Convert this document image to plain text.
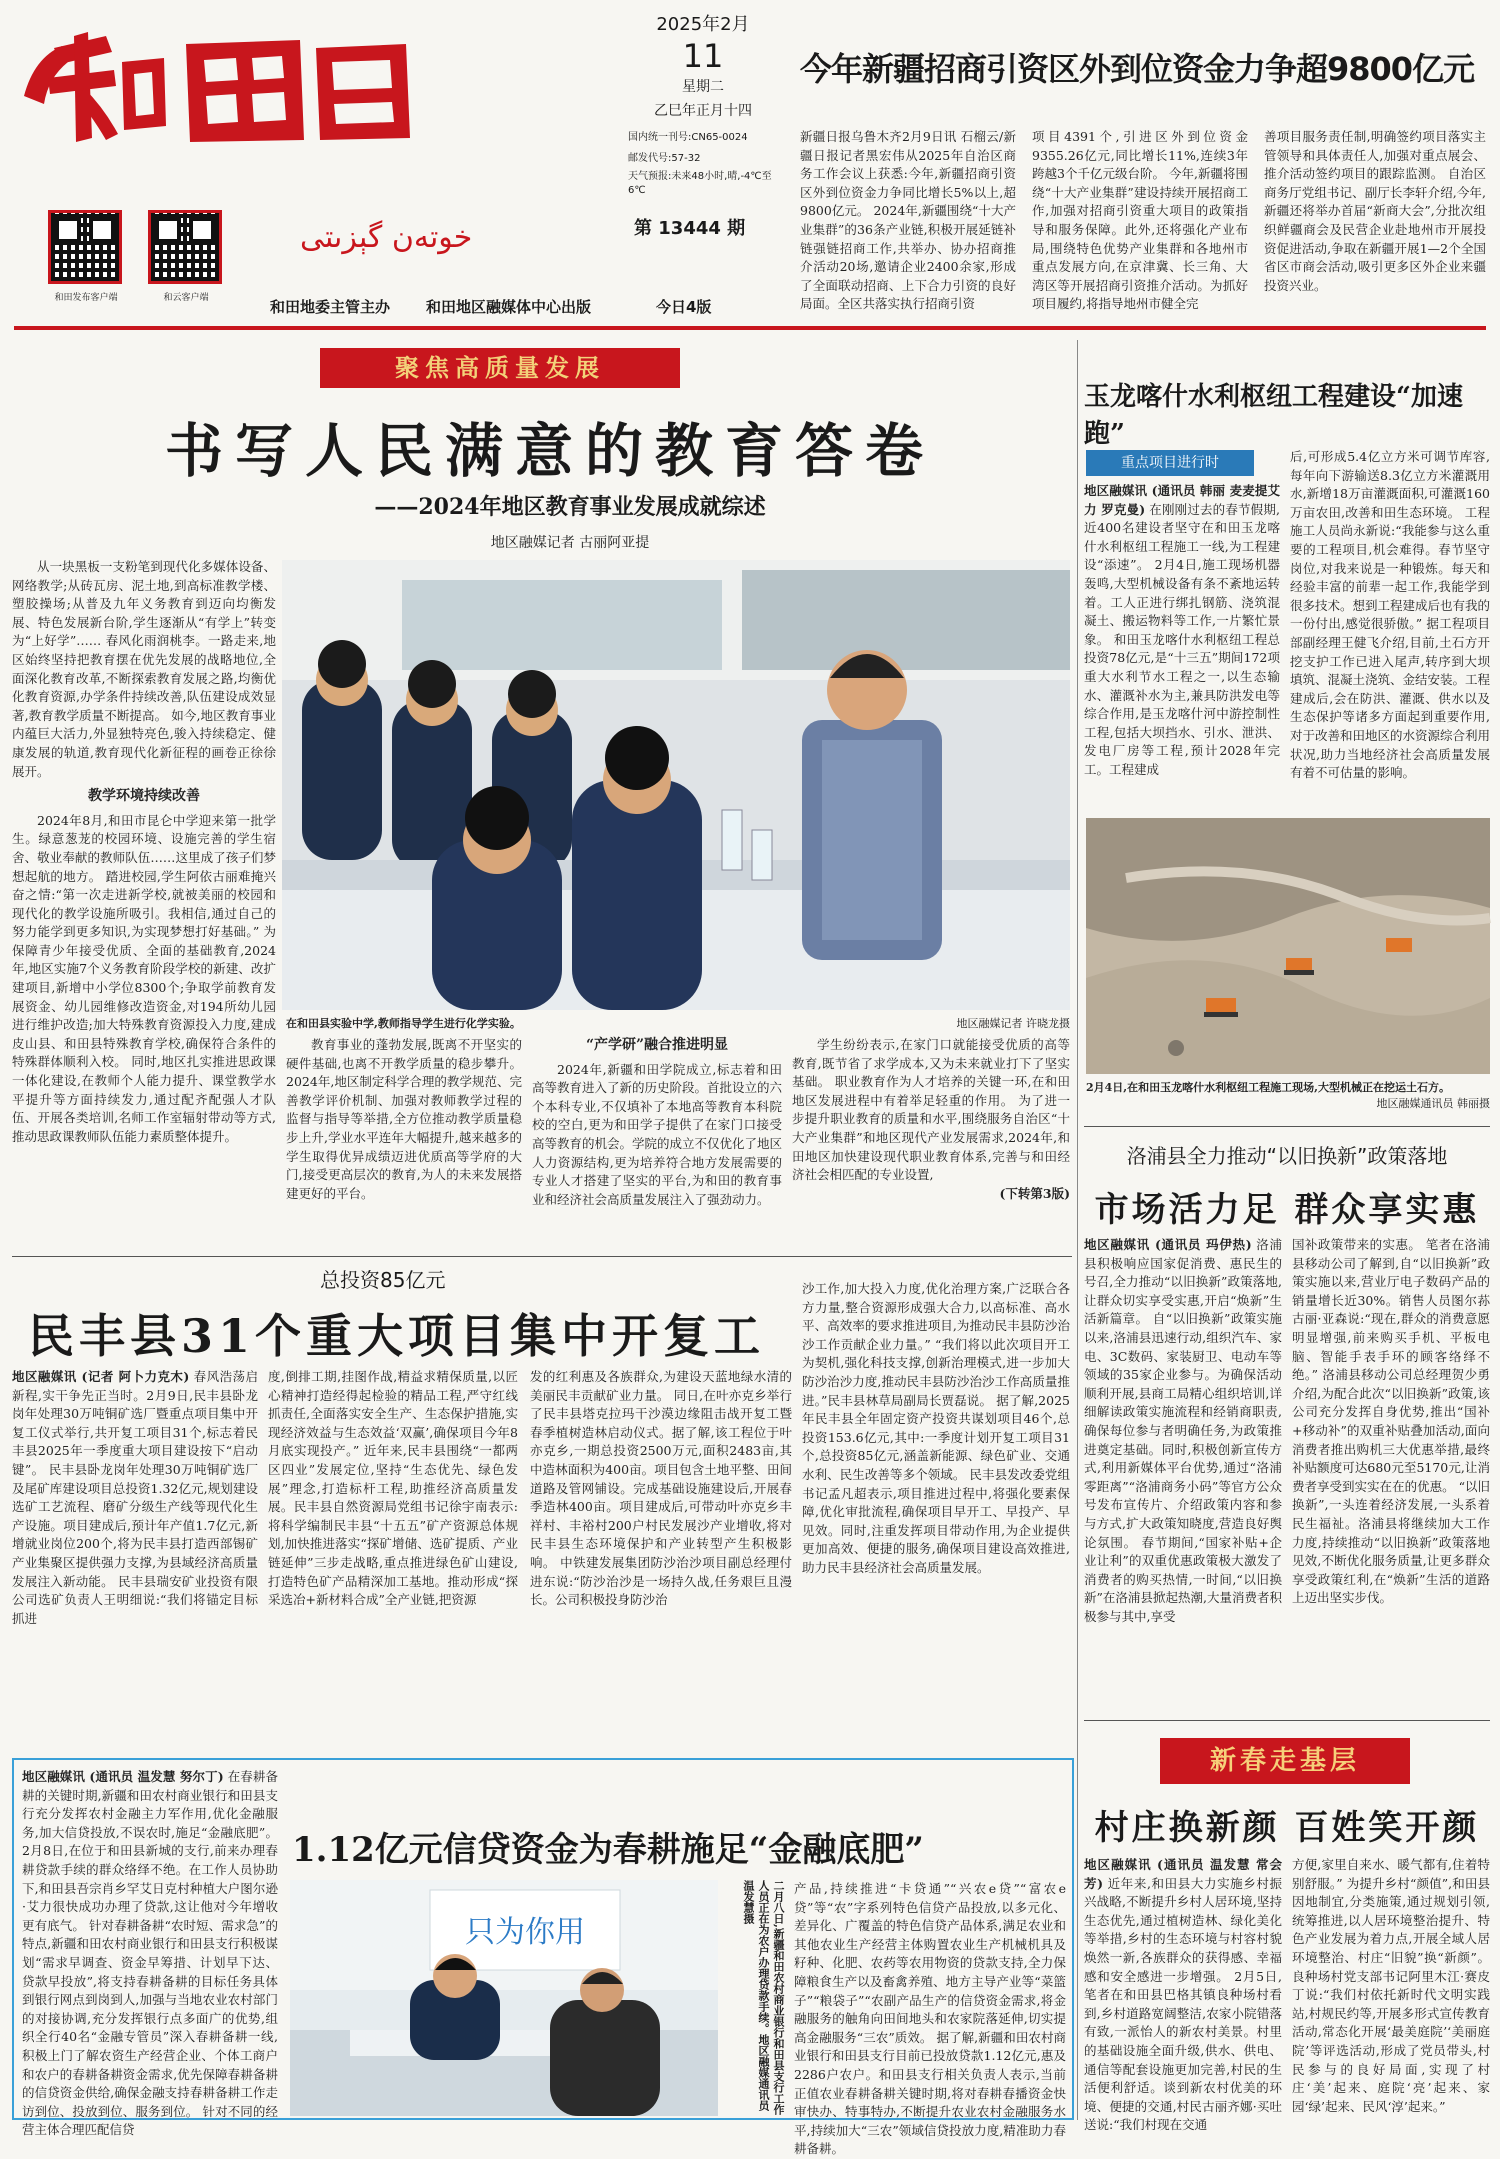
和田发布客户端	和云客户端
خوتەن گېزىتى
2025年2月
11
星期二
乙巳年正月十四
国内统一刊号:CN65-0024
邮发代号:57-32
天气预报:未来48小时,晴,-4℃至6℃
第 13444 期
和田地委主管主办 和田地区融媒体中心出版	今日4版
今年新疆招商引资区外到位资金力争超9800亿元
新疆日报乌鲁木齐2月9日讯 石榴云/新疆日报记者黑宏伟从2025年自治区商务工作会议上获悉:今年,新疆招商引资区外到位资金力争同比增长5%以上,超9800亿元。 2024年,新疆围绕“十大产业集群”的36条产业链,积极开展延链补链强链招商工作,共举办、协办招商推介活动20场,邀请企业2400余家,形成了全面联动招商、上下合力引资的良好局面。全区共落实执行招商引资
项目4391个,引进区外到位资金9355.26亿元,同比增长11%,连续3年跨越3个千亿元级台阶。 今年,新疆将围绕“十大产业集群”建设持续开展招商工作,加强对招商引资重大项目的政策指导和服务保障。此外,还将强化产业布局,围绕特色优势产业集群和各地州市重点发展方向,在京津冀、长三角、大湾区等开展招商引资推介活动。为抓好项目履约,将指导地州市健全完
善项目服务责任制,明确签约项目落实主管领导和具体责任人,加强对重点展会、推介活动签约项目的跟踪监测。 自治区商务厅党组书记、副厅长李轩介绍,今年,新疆还将举办首届“新商大会”,分批次组织鲜疆商会及民营企业赴地州市开展投资促进活动,争取在新疆开展1—2个全国省区市商会活动,吸引更多区外企业来疆投资兴业。
聚焦高质量发展
书写人民满意的教育答卷
——2024年地区教育事业发展成就综述
地区融媒记者 古丽阿亚提

从一块黑板一支粉笔到现代化多媒体设备、网络教学;从砖瓦房、泥土地,到高标准教学楼、塑胶操场;从普及九年义务教育到迈向均衡发展、特色发展新台阶,学生逐渐从“有学上”转变为“上好学”…… 春风化雨润桃李。一路走来,地区始终坚持把教育摆在优先发展的战略地位,全面深化教育改革,不断探索教育发展之路,均衡优化教育资源,办学条件持续改善,队伍建设成效显著,教育教学质量不断提高。 如今,地区教育事业内蕴巨大活力,外显独特亮色,骏入持续稳定、健康发展的轨道,教育现代化新征程的画卷正徐徐展开。

教学环境持续改善

2024年8月,和田市昆仑中学迎来第一批学生。绿意葱茏的校园环境、设施完善的学生宿舍、敬业奉献的教师队伍……这里成了孩子们梦想起航的地方。 踏进校园,学生阿依古丽难掩兴奋之情:“第一次走进新学校,就被美丽的校园和现代化的教学设施所吸引。我相信,通过自己的努力能学到更多知识,为实现梦想打好基础。” 为保障青少年接受优质、全面的基础教育,2024年,地区实施7个义务教育阶段学校的新建、改扩建项目,新增中小学位8300个;争取学前教育发展资金、幼儿园维修改造资金,对194所幼儿园进行维护改造;加大特殊教育资源投入力度,建成皮山县、和田县特殊教育学校,确保符合条件的特殊群体顺利入校。 同时,地区扎实推进思政课一体化建设,在教师个人能力提升、课堂教学水平提升等方面持续发力,通过配齐配强人才队伍、开展各类培训,名师工作室辐射带动等方式,推动思政课教师队伍能力素质整体提升。

在和田县实验中学,教师指导学生进行化学实验。	地区融媒记者 许晓龙摄

教育事业的蓬勃发展,既离不开坚实的硬件基础,也离不开教学质量的稳步攀升。 2024年,地区制定科学合理的教学规范、完善教学评价机制、加强对教师教学过程的监督与指导等举措,全方位推动教学质量稳步上升,学业水平连年大幅提升,越来越多的学生取得优异成绩迈进优质高等学府的大门,接受更高层次的教育,为人的未来发展搭建更好的平台。

“产学研”融合推进明显

2024年,新疆和田学院成立,标志着和田高等教育进入了新的历史阶段。首批设立的六个本科专业,不仅填补了本地高等教育本科院校的空白,更为和田学子提供了在家门口接受高等教育的机会。学院的成立不仅优化了地区人力资源结构,更为培养符合地方发展需要的专业人才搭建了坚实的平台,为和田的教育事业和经济社会高质量发展注入了强劲动力。

学生纷纷表示,在家门口就能接受优质的高等教育,既节省了求学成本,又为未来就业打下了坚实基础。 职业教育作为人才培养的关键一环,在和田地区发展进程中有着举足轻重的作用。 为了进一步提升职业教育的质量和水平,围绕服务自治区“十大产业集群”和地区现代产业发展需求,2024年,和田地区加快建设现代职业教育体系,完善与和田经济社会相匹配的专业设置,

(下转第3版)
总投资85亿元
民丰县31个重大项目集中开复工
地区融媒讯 (记者 阿卜力克木) 春风浩荡启新程,实干争先正当时。2月9日,民丰县卧龙岗年处理30万吨铜矿选厂暨重点项目集中开复工仪式举行,共开复工项目31个,标志着民丰县2025年一季度重大项目建设按下“启动键”。 民丰县卧龙岗年处理30万吨铜矿选厂及尾矿库建设项目总投资1.32亿元,规划建设选矿工艺流程、磨矿分级生产线等现代化生产设施。项目建成后,预计年产值1.7亿元,新增就业岗位200个,将为民丰县打造西部锡矿产业集聚区提供强力支撑,为县域经济高质量发展注入新动能。 民丰县瑞安矿业投资有限公司选矿负责人王明细说:“我们将锚定目标抓进
度,倒排工期,挂图作战,精益求精保质量,以匠心精神打造经得起检验的精品工程,严守红线抓责任,全面落实安全生产、生态保护措施,实现经济效益与生态效益‘双赢’,确保项目今年8月底实现投产。” 近年来,民丰县围绕“一都两区四业”发展定位,坚持“生态优先、绿色发展”理念,打造标杆工程,助推经济高质量发展。民丰县自然资源局党组书记徐宇南表示:将科学编制民丰县“十五五”矿产资源总体规划,加快推进落实“探矿增储、选矿提质、产业链延伸”三步走战略,重点推进绿色矿山建设,打造特色矿产品精深加工基地。推动形成“探采选冶+新材料合成”全产业链,把资源
发的红利惠及各族群众,为建设天蓝地绿水清的美丽民丰贡献矿业力量。 同日,在叶亦克乡举行了民丰县塔克拉玛干沙漠边缘阻击战开复工暨春季植树造林启动仪式。据了解,该工程位于叶亦克乡,一期总投资2500万元,面积2483亩,其中造林面积为400亩。项目包含土地平整、田间道路及管网铺设。完成基础设施建设后,开展春季造林400亩。项目建成后,可带动叶亦克乡丰祥村、丰裕村200户村民发展沙产业增收,将对民丰县生态环境保护和产业转型产生积极影响。 中铁建发展集团防沙治沙项目副总经理付进东说:“防沙治沙是一场持久战,任务艰巨且漫长。公司积极投身防沙治
沙工作,加大投入力度,优化治理方案,广泛联合各方力量,整合资源形成强大合力,以高标准、高水平、高效率的要求推进项目,为推动民丰县防沙治沙工作贡献企业力量。” “我们将以此次项目开工为契机,强化科技支撑,创新治理模式,进一步加大防沙治沙力度,推动民丰县防沙治沙工作高质量推进。”民丰县林草局副局长贾磊说。 据了解,2025年民丰县全年固定资产投资共谋划项目46个,总投资153.6亿元,其中:一季度计划开复工项目31个,总投资85亿元,涵盖新能源、绿色矿业、交通水利、民生改善等多个领域。 民丰县发改委党组书记孟凡超表示,项目推进过程中,将强化要素保障,优化审批流程,确保项目早开工、早投产、早见效。同时,注重发挥项目带动作用,为企业提供更加高效、便捷的服务,确保项目建设高效推进,助力民丰县经济社会高质量发展。
地区融媒讯 (通讯员 温发慧 努尔丁) 在春耕备耕的关键时期,新疆和田农村商业银行和田县支行充分发挥农村金融主力军作用,优化金融服务,加大信贷投放,不误农时,施足“金融底肥”。 2月8日,在位于和田县新城的支行,前来办理春耕贷款手续的群众络绎不绝。在工作人员协助下,和田县吾宗肖乡罕艾日克村种植大户图尔逊·艾力很快成功办理了贷款,这让他对今年增收更有底气。 针对春耕备耕“农时短、需求急”的特点,新疆和田农村商业银行和田县支行积极谋划“需求早调查、资金早筹措、计划早下达、贷款早投放”,将支持春耕备耕的目标任务具体到银行网点到岗到人,加强与当地农业农村部门的对接协调,充分发挥银行点多面广的优势,组织全行40名“金融专管员”深入春耕备耕一线,积极上门了解农资生产经营企业、个体工商户和农户的春耕备耕资金需求,优先保障春耕备耕的信贷资金供给,确保金融支持春耕备耕工作走访到位、投放到位、服务到位。 针对不同的经营主体合理匹配信贷
1.12亿元信贷资金为春耕施足“金融底肥”
只为你用	二月八日,新疆和田农村商业银行和田县支行工作人员正在为农户办理贷款手续。地区融媒通讯员 温发慧摄	产品,持续推进“卡贷通”“兴农e贷”“富农e贷”等“农”字系列特色信贷产品投放,以多元化、差异化、广覆盖的特色信贷产品体系,满足农业和其他农业生产经营主体购置农业生产机械机具及籽种、化肥、农药等农用物资的贷款支持,全力保障粮食生产以及畜禽养殖、地方主导产业等“菜篮子”“粮袋子”“农副产品生产的信贷资金需求,将金融服务的触角向田间地头和农家院落延伸,切实提高金融服务“三农”质效。 据了解,新疆和田农村商业银行和田县支行目前已投放贷款1.12亿元,惠及2286户农户。和田县支行相关负责人表示,当前正值农业春耕备耕关键时期,将对春耕春播资金快审快办、特事特办,不断提升农业农村金融服务水平,持续加大“三农”领域信贷投放力度,精准助力春耕备耕。
玉龙喀什水利枢纽工程建设“加速跑”
重点项目进行时
地区融媒讯 (通讯员 韩丽 麦麦提艾力 罗克曼) 在刚刚过去的春节假期,近400名建设者坚守在和田玉龙喀什水利枢纽工程施工一线,为工程建设“添速”。 2月4日,施工现场机器轰鸣,大型机械设备有条不紊地运转着。工人正进行绑扎钢筋、浇筑混凝土、搬运物料等工作,一片繁忙景象。 和田玉龙喀什水利枢纽工程总投资78亿元,是“十三五”期间172项重大水利节水工程之一,以生态输水、灌溉补水为主,兼具防洪发电等综合作用,是玉龙喀什河中游控制性工程,包括大坝挡水、引水、泄洪、发电厂房等工程,预计2028年完工。工程建成
后,可形成5.4亿立方米可调节库容,每年向下游输送8.3亿立方米灌溉用水,新增18万亩灌溉面积,可灌溉160万亩农田,改善和田生态环境。 工程施工人员尚永新说:“我能参与这么重要的工程项目,机会难得。春节坚守岗位,对我来说是一种锻炼。每天和经验丰富的前辈一起工作,我能学到很多技术。想到工程建成后也有我的一份付出,感觉很骄傲。” 据工程项目部副经理王健飞介绍,目前,土石方开挖支护工作已进入尾声,转序到大坝填筑、混凝土浇筑、金结安装。工程建成后,会在防洪、灌溉、供水以及生态保护等诸多方面起到重要作用,对于改善和田地区的水资源综合利用状况,助力当地经济社会高质量发展有着不可估量的影响。
2月4日,在和田玉龙喀什水利枢纽工程施工现场,大型机械正在挖运土石方。
地区融媒通讯员 韩丽摄
洛浦县全力推动“以旧换新”政策落地
市场活力足 群众享实惠
地区融媒讯 (通讯员 玛伊热) 洛浦县积极响应国家促消费、惠民生的号召,全力推动“以旧换新”政策落地,让群众切实享受实惠,开启“焕新”生活新篇章。 自“以旧换新”政策实施以来,洛浦县迅速行动,组织汽车、家电、3C数码、家装厨卫、电动车等领域的35家企业参与。为确保活动顺利开展,县商工局精心组织培训,详细解读政策实施流程和经销商职责,确保每位参与者明确任务,为政策推进奠定基础。同时,积极创新宣传方式,利用新媒体平台优势,通过“洛浦零距离”“洛浦商务小码”等官方公众号发布宣传片、介绍政策内容和参与方式,扩大政策知晓度,营造良好舆论氛围。 春节期间,“国家补贴+企业让利”的双重优惠政策极大激发了消费者的购买热情,一时间,“以旧换新”在洛浦县掀起热潮,大量消费者积极参与其中,享受
国补政策带来的实惠。 笔者在洛浦县移动公司了解到,自“以旧换新”政策实施以来,营业厅电子数码产品的销量增长近30%。销售人员图尔荪古丽·亚森说:“现在,群众的消费意愿明显增强,前来购买手机、平板电脑、智能手表手环的顾客络绎不绝。” 洛浦县移动公司总经理贺少勇介绍,为配合此次“以旧换新”政策,该公司充分发挥自身优势,推出“国补+移动补”的双重补贴叠加活动,面向消费者推出购机三大优惠举措,最终补贴额度可达680元至5170元,让消费者享受到实实在在的优惠。 “以旧换新”,一头连着经济发展,一头系着民生福祉。洛浦县将继续加大工作力度,持续推动“以旧换新”政策落地见效,不断优化服务质量,让更多群众享受政策红利,在“焕新”生活的道路上迈出坚实步伐。
新春走基层
村庄换新颜 百姓笑开颜
地区融媒讯 (通讯员 温发慧 常会芳) 近年来,和田县大力实施乡村振兴战略,不断提升乡村人居环境,坚持生态优先,通过植树造林、绿化美化等举措,乡村的生态环境与村容村貌焕然一新,各族群众的获得感、幸福感和安全感进一步增强。 2月5日,笔者在和田县巴格其镇良种场村看到,乡村道路宽阔整洁,农家小院错落有致,一派怡人的新农村美景。村里的基础设施全面升级,供水、供电、通信等配套设施更加完善,村民的生活便利舒适。谈到新农村优美的环境、便捷的交通,村民古丽齐娜·买吐送说:“我们村现在交通
方便,家里自来水、暖气都有,住着特别舒服。” 为提升乡村“颜值”,和田县因地制宜,分类施策,通过规划引领,统筹推进,以人居环境整治提升、特色产业发展为着力点,开展全域人居环境整治、村庄“旧貌”换“新颜”。 良种场村党支部书记阿里木江·赛皮丁说:“我们村依托新时代文明实践站,村规民约等,开展多形式宣传教育活动,常态化开展‘最美庭院’‘美丽庭院’等评选活动,形成了党员带头,村民参与的良好局面,实现了村庄‘美’起来、庭院‘亮’起来、家园‘绿’起来、民风‘淳’起来。”
